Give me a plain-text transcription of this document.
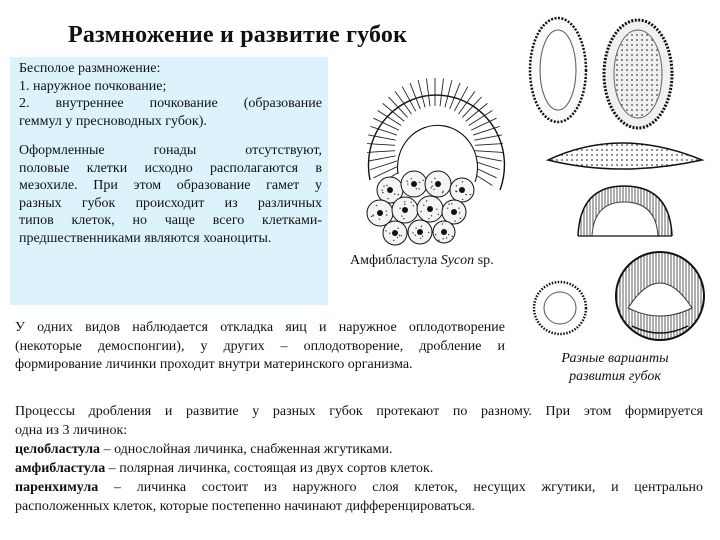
Размножение и развитие губок
Бесполое размножение:
1. наружное почкование;
2. внутреннее почкование (образование
геммул у пресноводных губок).
Оформленные гонады отсутствуют,
половые клетки исходно располагаются в
мезохиле. При этом образование гамет у
разных губок происходит из различных
типов клеток, но чаще всего клетками-
предшественниками являются хоаноциты.
Амфибластула Sycon sp.
У одних видов наблюдается откладка яиц и наружное оплодотворение
(некоторые демоспонгии), у других – оплодотворение, дробление и
формирование личинки проходит внутри материнского организма.	Разные варианты
развития губок
Процессы дробления и развитие у разных губок протекают по разному. При этом формируется
одна из 3 личинок:
целобластула – однослойная личинка, снабженная жгутиками.
амфибластула – полярная личинка, состоящая из двух сортов клеток.
паренхимула – личинка состоит из наружного слоя клеток, несущих жгутики, и центрально
расположенных клеток, которые постепенно начинают дифференцироваться.
